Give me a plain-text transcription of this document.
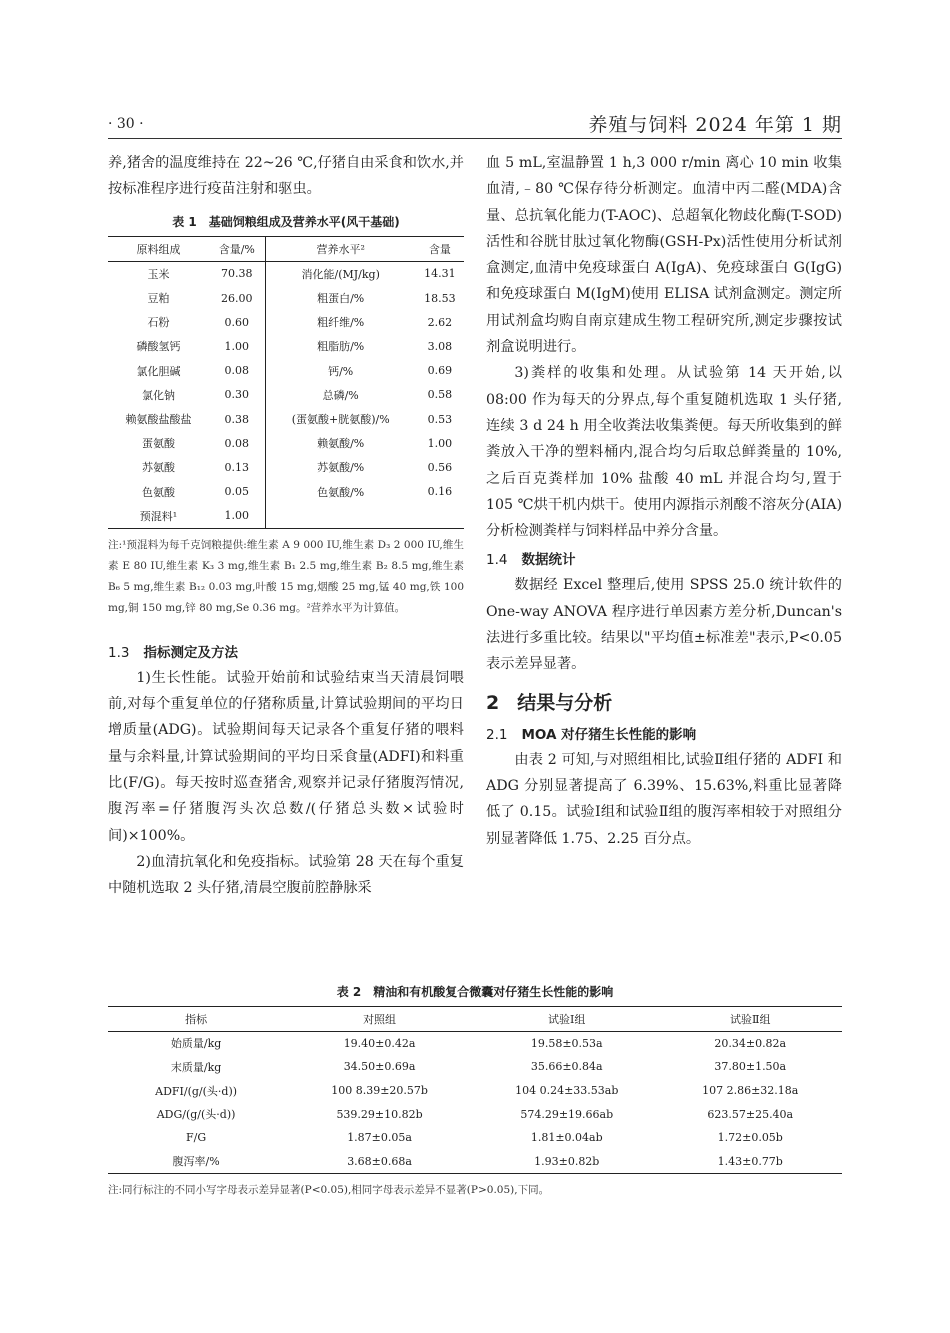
· 30 ·	养殖与饲料 2024 年第 1 期

养,猪舍的温度维持在 22~26 ℃,仔猪自由采食和饮水,并按标准程序进行疫苗注射和驱虫。

表 1　基础饲粮组成及营养水平(风干基础)
原料组成	含量/%	营养水平²	含量
玉米	70.38	消化能/(MJ/kg)	14.31
豆粕	26.00	粗蛋白/%	18.53
石粉	0.60	粗纤维/%	2.62
磷酸氢钙	1.00	粗脂肪/%	3.08
氯化胆碱	0.08	钙/%	0.69
氯化钠	0.30	总磷/%	0.58
赖氨酸盐酸盐	0.38	(蛋氨酸+胱氨酸)/%	0.53
蛋氨酸	0.08	赖氨酸/%	1.00
苏氨酸	0.13	苏氨酸/%	0.56
色氨酸	0.05	色氨酸/%	0.16
预混料¹	1.00		

注:¹预混料为每千克饲粮提供:维生素 A 9 000 IU,维生素 D₃ 2 000 IU,维生素 E 80 IU,维生素 K₃ 3 mg,维生素 B₁ 2.5 mg,维生素 B₂ 8.5 mg,维生素 B₆ 5 mg,维生素 B₁₂ 0.03 mg,叶酸 15 mg,烟酸 25 mg,锰 40 mg,铁 100 mg,铜 150 mg,锌 80 mg,Se 0.36 mg。²营养水平为计算值。

1.3 指标测定及方法

1)生长性能。试验开始前和试验结束当天清晨饲喂前,对每个重复单位的仔猪称质量,计算试验期间的平均日增质量(ADG)。试验期间每天记录各个重复仔猪的喂料量与余料量,计算试验期间的平均日采食量(ADFI)和料重比(F/G)。每天按时巡查猪舍,观察并记录仔猪腹泻情况,腹泻率=仔猪腹泻头次总数/(仔猪总头数×试验时间)×100%。

2)血清抗氧化和免疫指标。试验第 28 天在每个重复中随机选取 2 头仔猪,清晨空腹前腔静脉采

血 5 mL,室温静置 1 h,3 000 r/min 离心 10 min 收集血清,﹣80 ℃保存待分析测定。血清中丙二醛(MDA)含量、总抗氧化能力(T-AOC)、总超氧化物歧化酶(T-SOD)活性和谷胱甘肽过氧化物酶(GSH-Px)活性使用分析试剂盒测定,血清中免疫球蛋白 A(IgA)、免疫球蛋白 G(IgG)和免疫球蛋白 M(IgM)使用 ELISA 试剂盒测定。测定所用试剂盒均购自南京建成生物工程研究所,测定步骤按试剂盒说明进行。

3)粪样的收集和处理。从试验第 14 天开始,以 08:00 作为每天的分界点,每个重复随机选取 1 头仔猪,连续 3 d 24 h 用全收粪法收集粪便。每天所收集到的鲜粪放入干净的塑料桶内,混合均匀后取总鲜粪量的 10%,之后百克粪样加 10% 盐酸 40 mL 并混合均匀,置于 105 ℃烘干机内烘干。使用内源指示剂酸不溶灰分(AIA)分析检测粪样与饲料样品中养分含量。

1.4 数据统计

数据经 Excel 整理后,使用 SPSS 25.0 统计软件的 One-way ANOVA 程序进行单因素方差分析,Duncan's 法进行多重比较。结果以"平均值±标准差"表示,P<0.05 表示差异显著。

2 结果与分析
2.1 MOA 对仔猪生长性能的影响

由表 2 可知,与对照组相比,试验Ⅱ组仔猪的 ADFI 和 ADG 分别显著提高了 6.39%、15.63%,料重比显著降低了 0.15。试验Ⅰ组和试验Ⅱ组的腹泻率相较于对照组分别显著降低 1.75、2.25 百分点。

表 2　精油和有机酸复合微囊对仔猪生长性能的影响
指标	对照组	试验Ⅰ组	试验Ⅱ组
始质量/kg	19.40±0.42a	19.58±0.53a	20.34±0.82a
末质量/kg	34.50±0.69a	35.66±0.84a	37.80±1.50a
ADFI/(g/(头·d))	100 8.39±20.57b	104 0.24±33.53ab	107 2.86±32.18a
ADG/(g/(头·d))	539.29±10.82b	574.29±19.66ab	623.57±25.40a
F/G	1.87±0.05a	1.81±0.04ab	1.72±0.05b
腹泻率/%	3.68±0.68a	1.93±0.82b	1.43±0.77b
注:同行标注的不同小写字母表示差异显著(P<0.05),相同字母表示差异不显著(P>0.05),下同。
